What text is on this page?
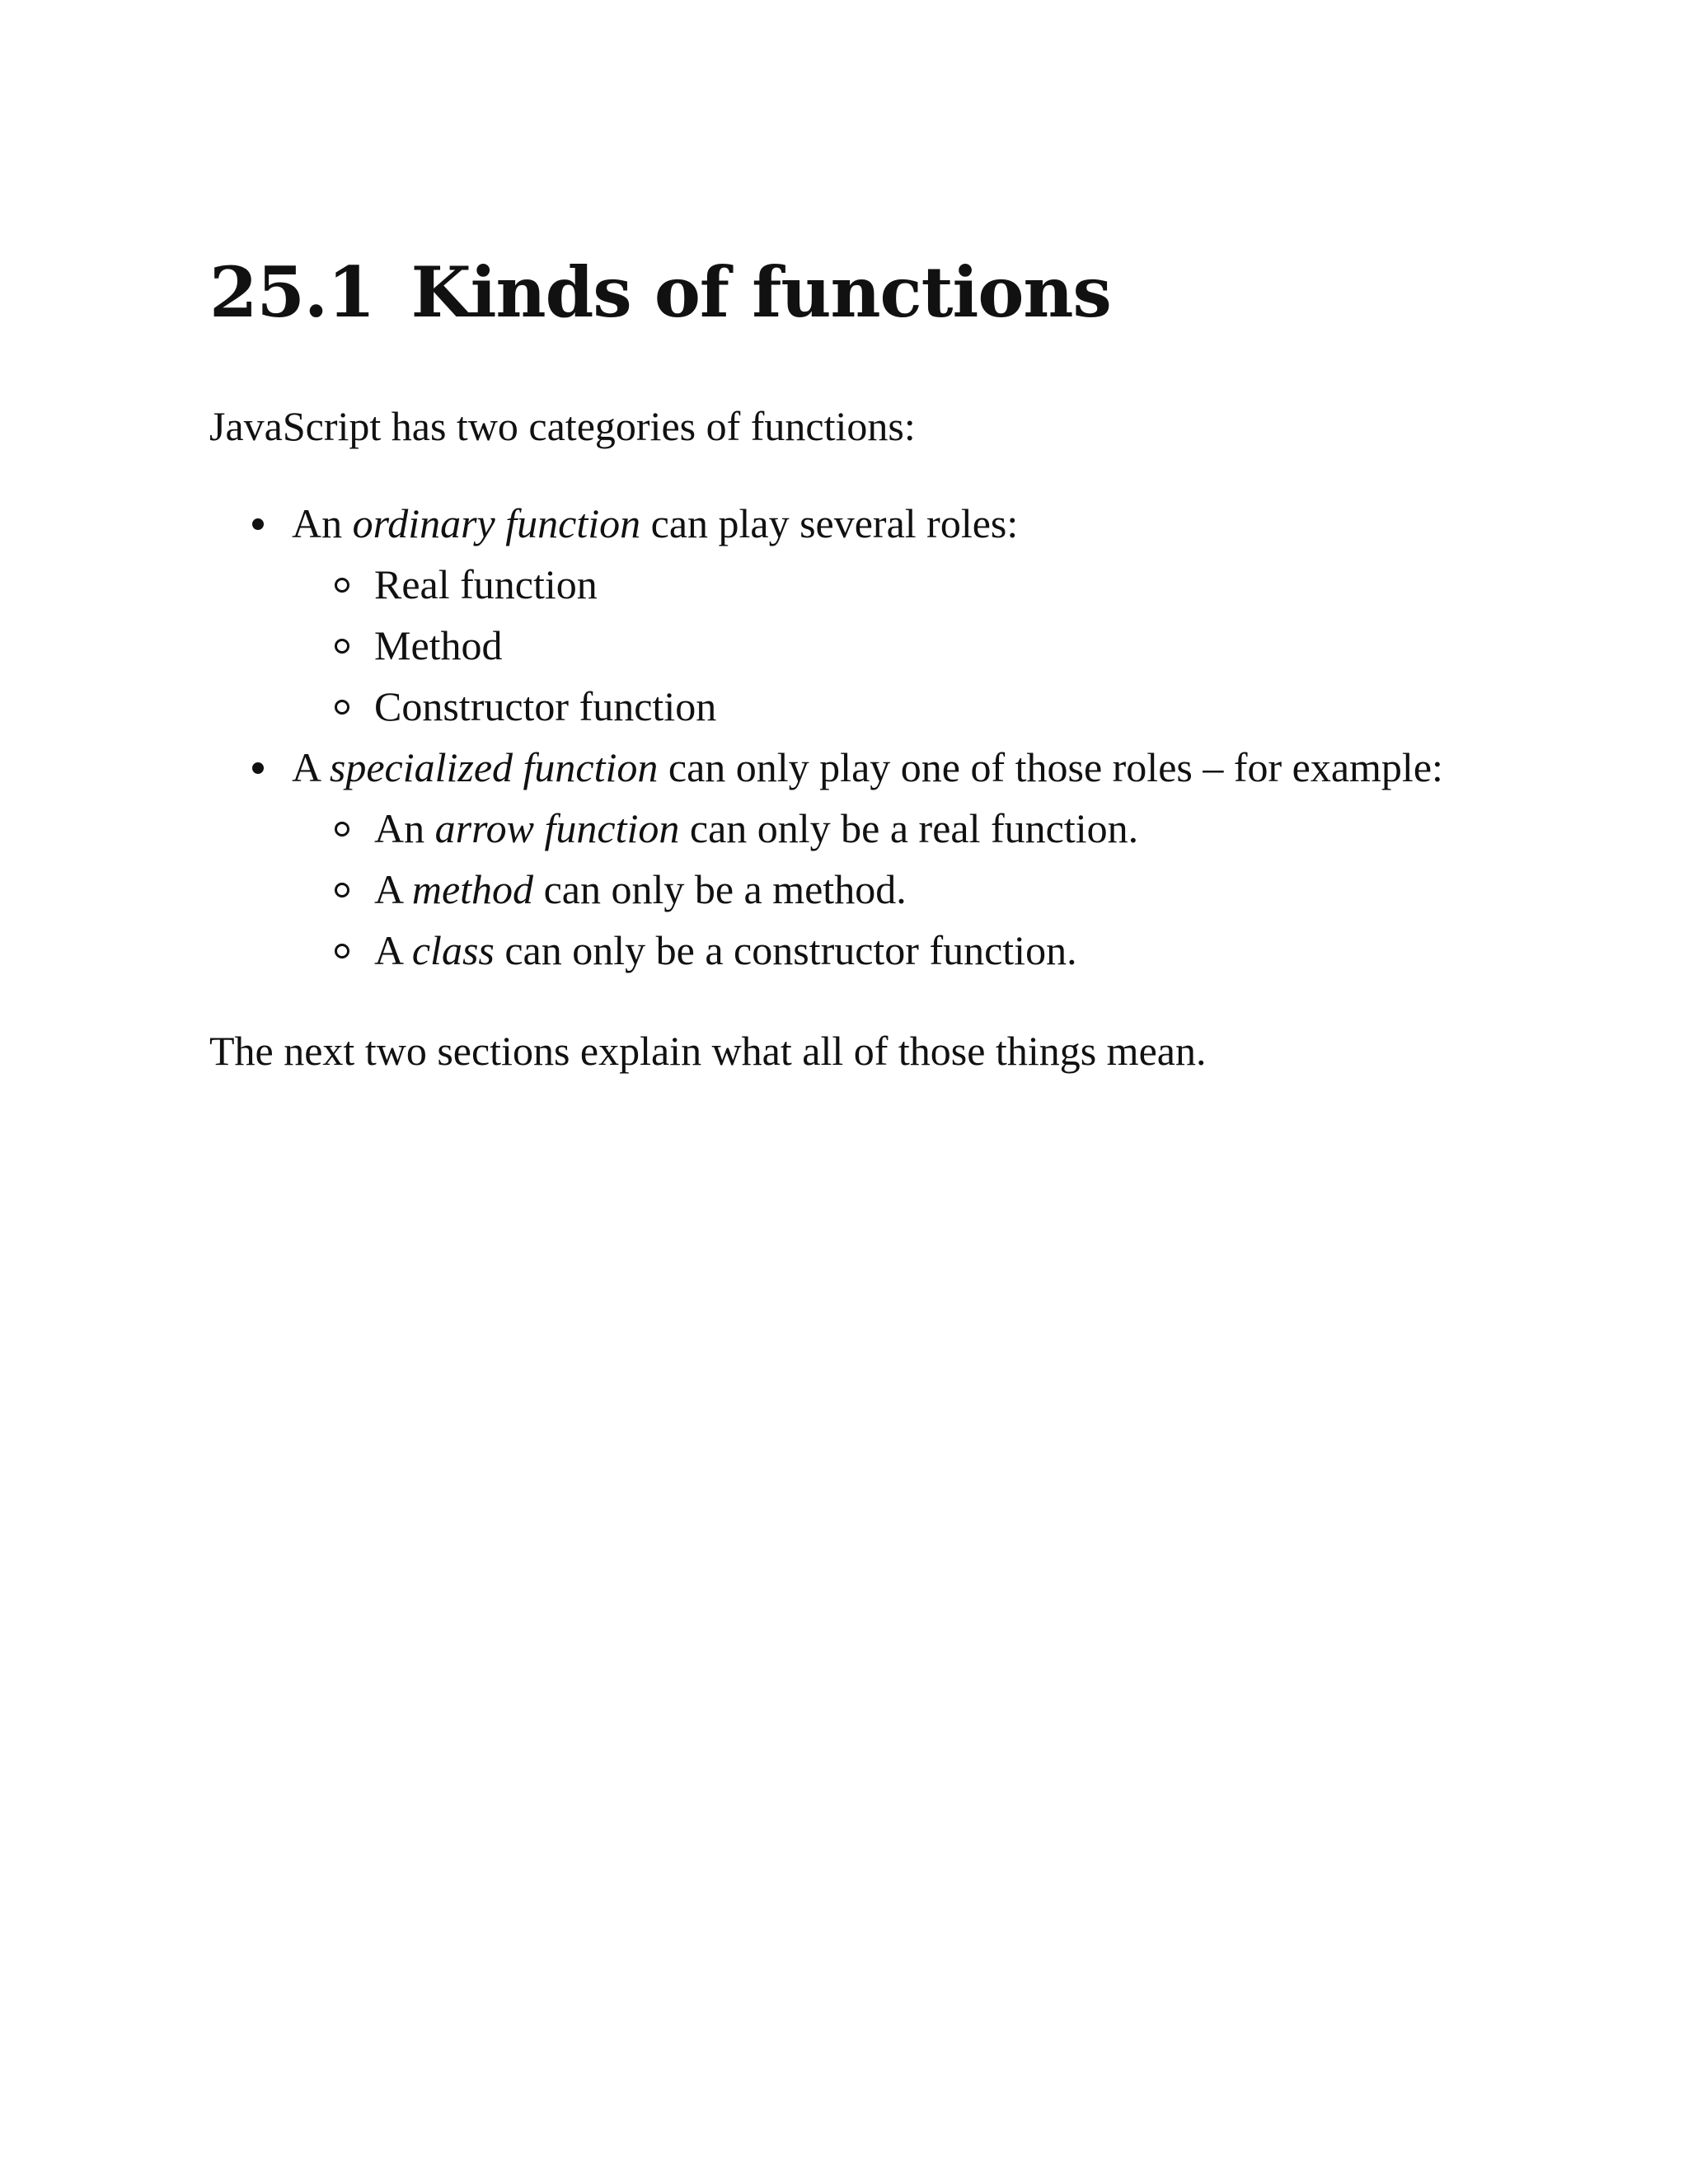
25.1 Kinds of functions

JavaScript has two categories of functions:

An ordinary function can play several roles:
Real function
Method
Constructor function
A specialized function can only play one of those roles – for example:
An arrow function can only be a real function.
A method can only be a method.
A class can only be a constructor function.

The next two sections explain what all of those things mean.
